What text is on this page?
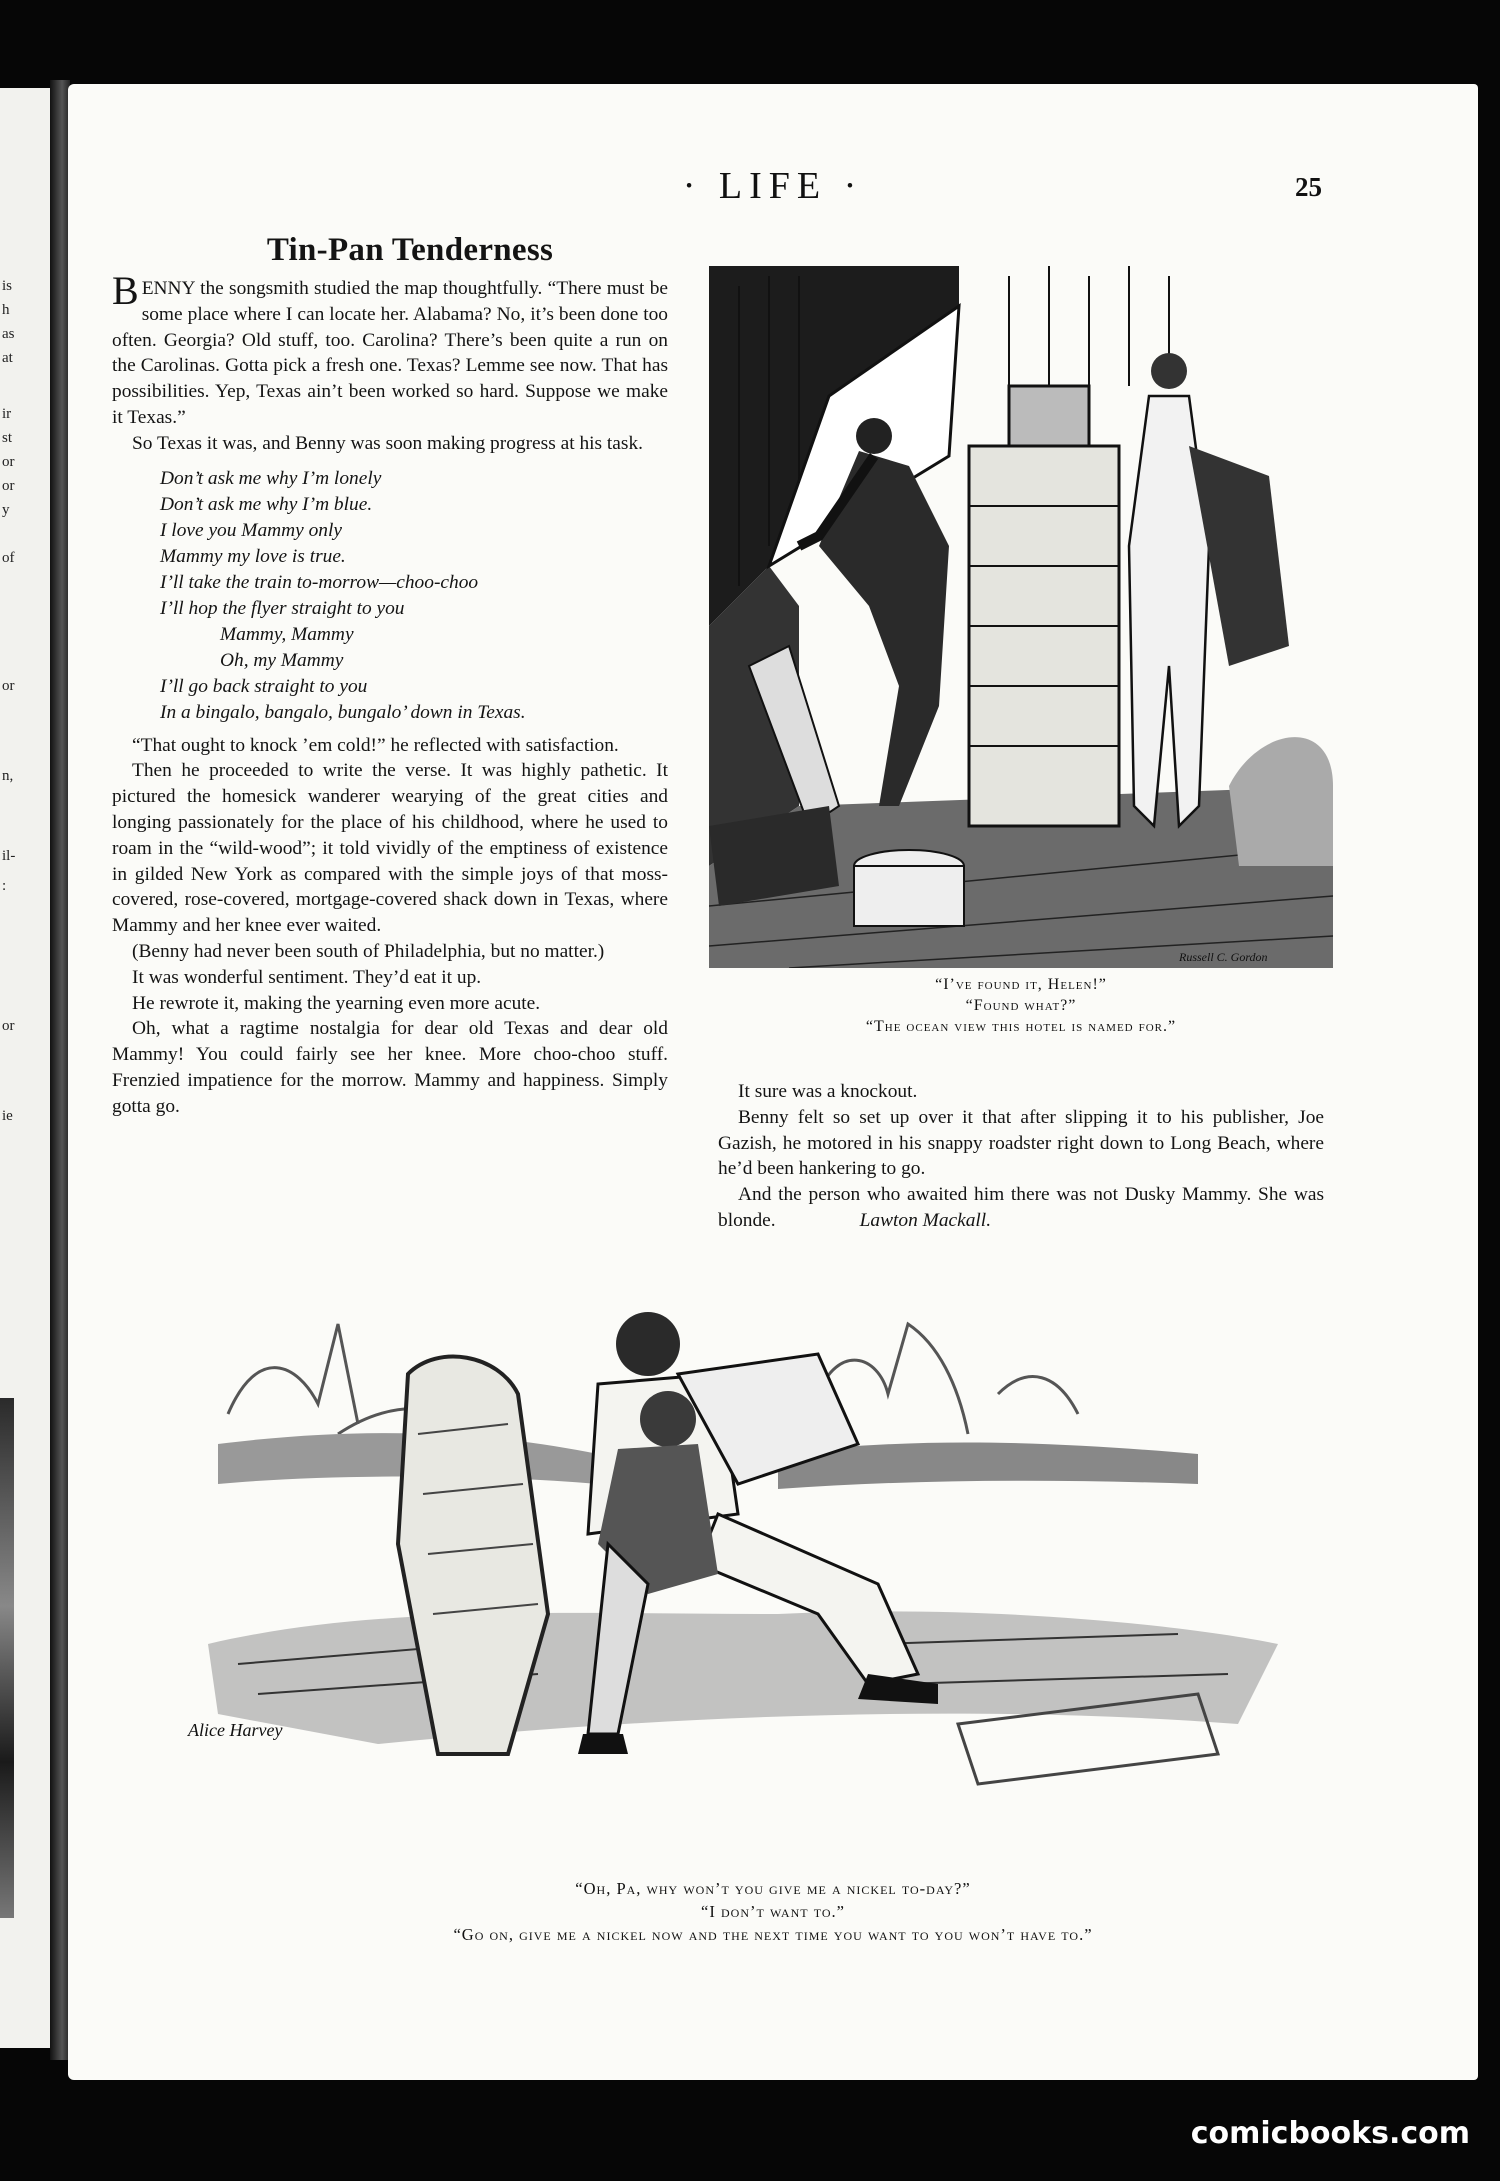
is
h
as
at
ir
st
or
or
y
of
or
n,
il-
:
or
ie
· LIFE ·	25
Tin-Pan Tenderness

BENNY the songsmith studied the map thoughtfully. “There must be some place where I can locate her. Alabama? No, it’s been done too often. Georgia? Old stuff, too. Carolina? There’s been quite a run on the Carolinas. Gotta pick a fresh one. Texas? Lemme see now. That has possibilities. Yep, Texas ain’t been worked so hard. Suppose we make it Texas.”

So Texas it was, and Benny was soon making progress at his task.

Don’t ask me why I’m lonely
Don’t ask me why I’m blue.
I love you Mammy only
Mammy my love is true.
I’ll take the train to-morrow—choo-choo
I’ll hop the flyer straight to you
Mammy, Mammy
Oh, my Mammy
I’ll go back straight to you
In a bingalo, bangalo, bungalo’ down in Texas.

“That ought to knock ’em cold!” he reflected with satisfaction.

Then he proceeded to write the verse. It was highly pathetic. It pictured the homesick wanderer wearying of the great cities and longing passionately for the place of his childhood, where he used to roam in the “wild-wood”; it told vividly of the emptiness of existence in gilded New York as compared with the simple joys of that moss-covered, rose-covered, mortgage-covered shack down in Texas, where Mammy and her knee ever waited.

(Benny had never been south of Philadelphia, but no matter.)

It was wonderful sentiment. They’d eat it up.

He rewrote it, making the yearning even more acute.

Oh, what a ragtime nostalgia for dear old Texas and dear old Mammy! You could fairly see her knee. More choo-choo stuff. Frenzied impatience for the morrow. Mammy and happiness. Simply gotta go.

Russell C. Gordon
“I’ve found it, Helen!”
“Found what?”
“The ocean view this hotel is named for.”

It sure was a knockout.

Benny felt so set up over it that after slipping it to his publisher, Joe Gazish, he motored in his snappy roadster right down to Long Beach, where he’d been hankering to go.

And the person who awaited him there was not Dusky Mammy. She was blonde.	Lawton Mackall.

Alice Harvey
“Oh, Pa, why won’t you give me a nickel to-day?”
“I don’t want to.”
“Go on, give me a nickel now and the next time you want to you won’t have to.”
comicbooks.com
